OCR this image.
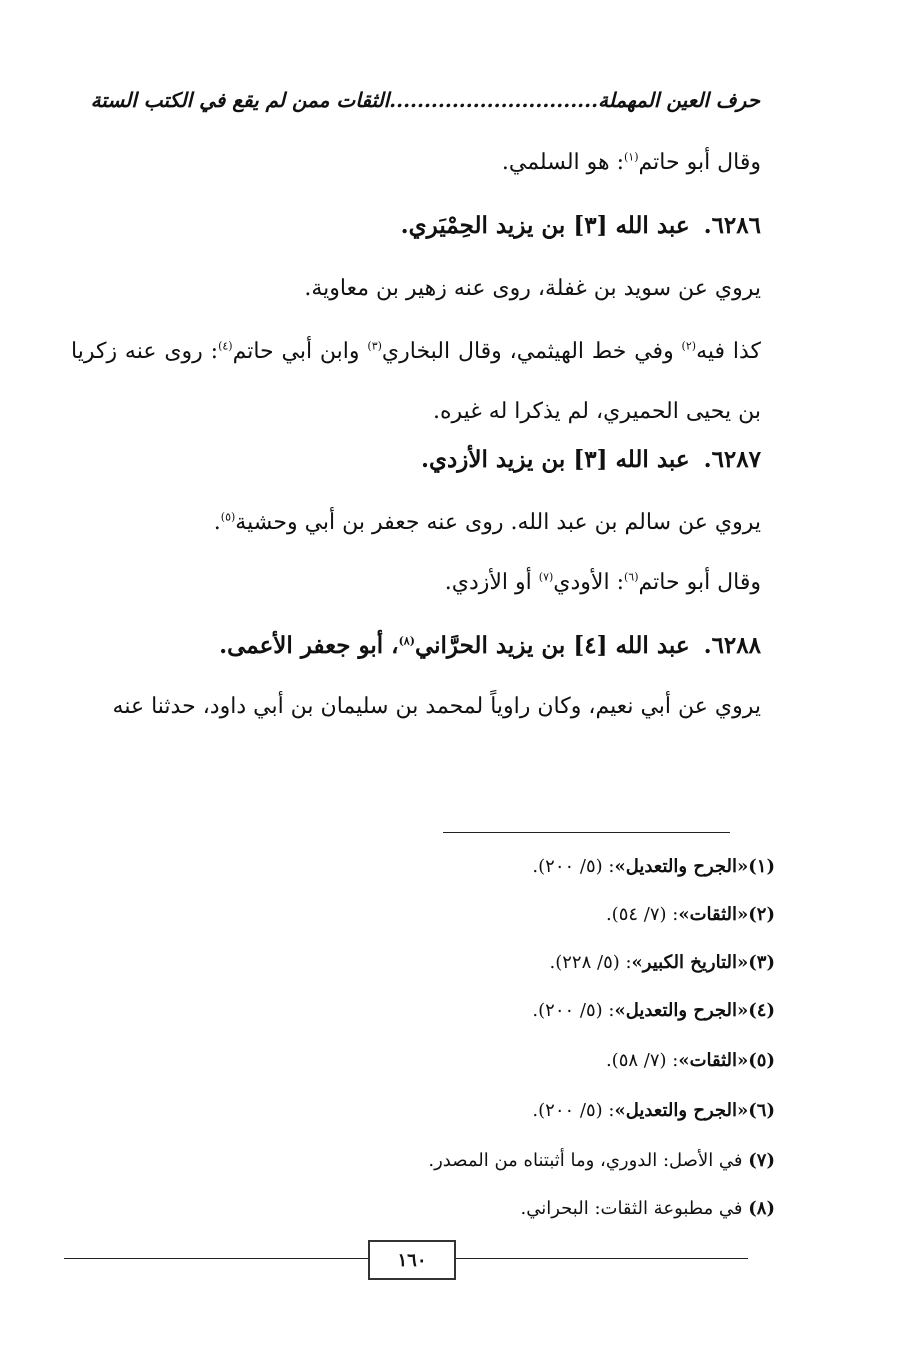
حرف العين المهملة..............................الثقات ممن لم يقع في الكتب الستة
وقال أبو حاتم$^{(١)}$: هو السلمي.
٦٢٨٦.عبد الله [٣] بن يزيد الحِمْيَري.
يروي عن سويد بن غفلة، روى عنه زهير بن معاوية.
كذا فيه$^{(٢)}$ وفي خط الهيثمي، وقال البخاري$^{(٣)}$ وابن أبي حاتم$^{(٤)}$: روى عنه زكريا بن يحيى الحميري، لم يذكرا له غيره.
٦٢٨٧.عبد الله [٣] بن يزيد الأزدي.
يروي عن سالم بن عبد الله. روى عنه جعفر بن أبي وحشية$^{(٥)}$.
وقال أبو حاتم$^{(٦)}$: الأودي$^{(٧)}$ أو الأزدي.
٦٢٨٨.عبد الله [٤] بن يزيد الحرَّاني$^{(٨)}$، أبو جعفر الأعمى.
يروي عن أبي نعيم، وكان راوياً لمحمد بن سليمان بن أبي داود، حدثنا عنه
(١)«الجرح والتعديل»: (٥/ ٢٠٠).
(٢)«الثقات»: (٧/ ٥٤).
(٣)«التاريخ الكبير»: (٥/ ٢٢٨).
(٤)«الجرح والتعديل»: (٥/ ٢٠٠).
(٥)«الثقات»: (٧/ ٥٨).
(٦)«الجرح والتعديل»: (٥/ ٢٠٠).
(٧) في الأصل: الدوري، وما أثبتناه من المصدر.
(٨) في مطبوعة الثقات: البحراني.
١٦٠
